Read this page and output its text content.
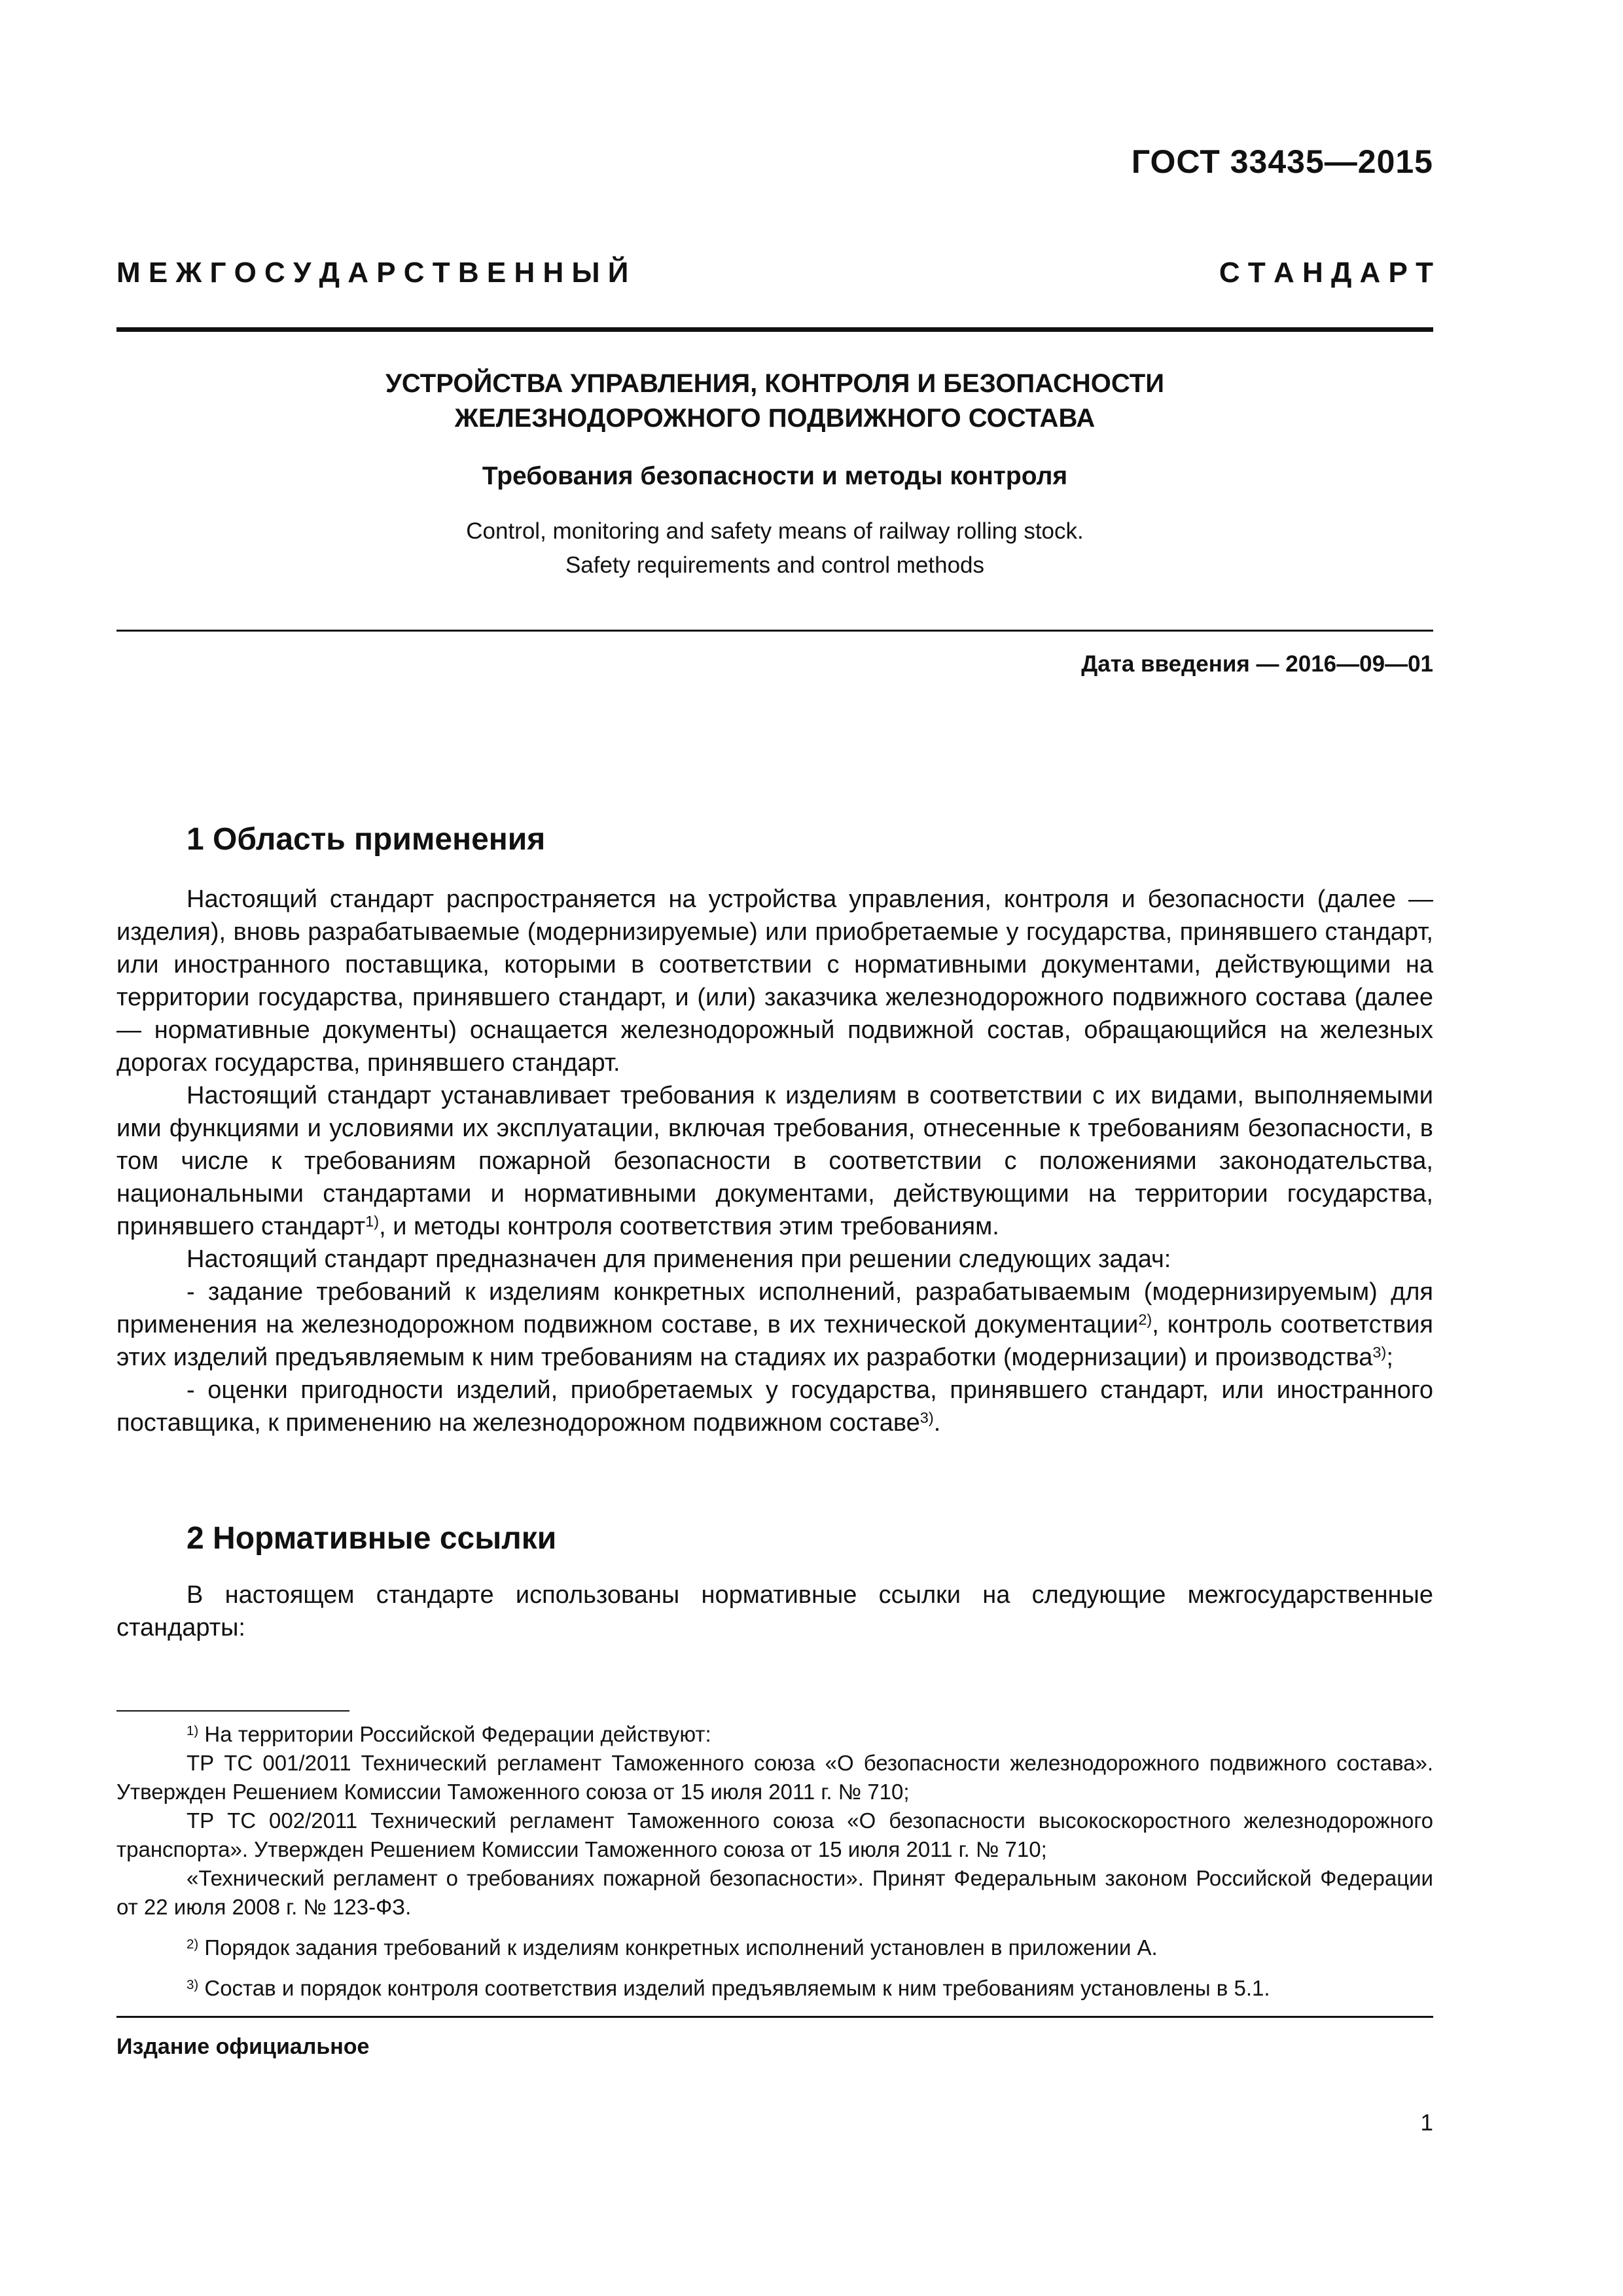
ГОСТ 33435—2015
М Е Ж Г О С У Д А Р С Т В Е Н Н Ы Й	С Т А Н Д А Р Т
УСТРОЙСТВА УПРАВЛЕНИЯ, КОНТРОЛЯ И БЕЗОПАСНОСТИ
ЖЕЛЕЗНОДОРОЖНОГО ПОДВИЖНОГО СОСТАВА
Требования безопасности и методы контроля
Control, monitoring and safety means of railway rolling stock.
Safety requirements and control methods
Дата введения — 2016—09—01
1 Область применения

Настоящий стандарт распространяется на устройства управления, контроля и безопасности (далее — изделия), вновь разрабатываемые (модернизируемые) или приобретаемые у государства, принявшего стандарт, или иностранного поставщика, которыми в соответствии с нормативными документами, действующими на территории государства, принявшего стандарт, и (или) заказчика железнодорожного подвижного состава (далее — нормативные документы) оснащается железнодорожный подвижной состав, обращающийся на железных дорогах государства, принявшего стандарт.

Настоящий стандарт устанавливает требования к изделиям в соответствии с их видами, выполняемыми ими функциями и условиями их эксплуатации, включая требования, отнесенные к требованиям безопасности, в том числе к требованиям пожарной безопасности в соответствии с положениями законодательства, национальными стандартами и нормативными документами, действующими на территории государства, принявшего стандарт$^{1)}$, и методы контроля соответствия этим требованиям.

Настоящий стандарт предназначен для применения при решении следующих задач:

- задание требований к изделиям конкретных исполнений, разрабатываемым (модернизируемым) для применения на железнодорожном подвижном составе, в их технической документации$^{2)}$, контроль соответствия этих изделий предъявляемым к ним требованиям на стадиях их разработки (модернизации) и производства$^{3)}$;

- оценки пригодности изделий, приобретаемых у государства, принявшего стандарт, или иностранного поставщика, к применению на железнодорожном подвижном составе$^{3)}$.

2 Нормативные ссылки

В настоящем стандарте использованы нормативные ссылки на следующие межгосударственные стандарты:

$^{1)}$ На территории Российской Федерации действуют:

ТР ТС 001/2011 Технический регламент Таможенного союза «О безопасности железнодорожного подвижного состава». Утвержден Решением Комиссии Таможенного союза от 15 июля 2011 г. № 710;

ТР ТС 002/2011 Технический регламент Таможенного союза «О безопасности высокоскоростного железнодорожного транспорта». Утвержден Решением Комиссии Таможенного союза от 15 июля 2011 г. № 710;

«Технический регламент о требованиях пожарной безопасности». Принят Федеральным законом Российской Федерации от 22 июля 2008 г. № 123-ФЗ.

$^{2)}$ Порядок задания требований к изделиям конкретных исполнений установлен в приложении А.

$^{3)}$ Состав и порядок контроля соответствия изделий предъявляемым к ним требованиям установлены в 5.1.

Издание официальное
1
